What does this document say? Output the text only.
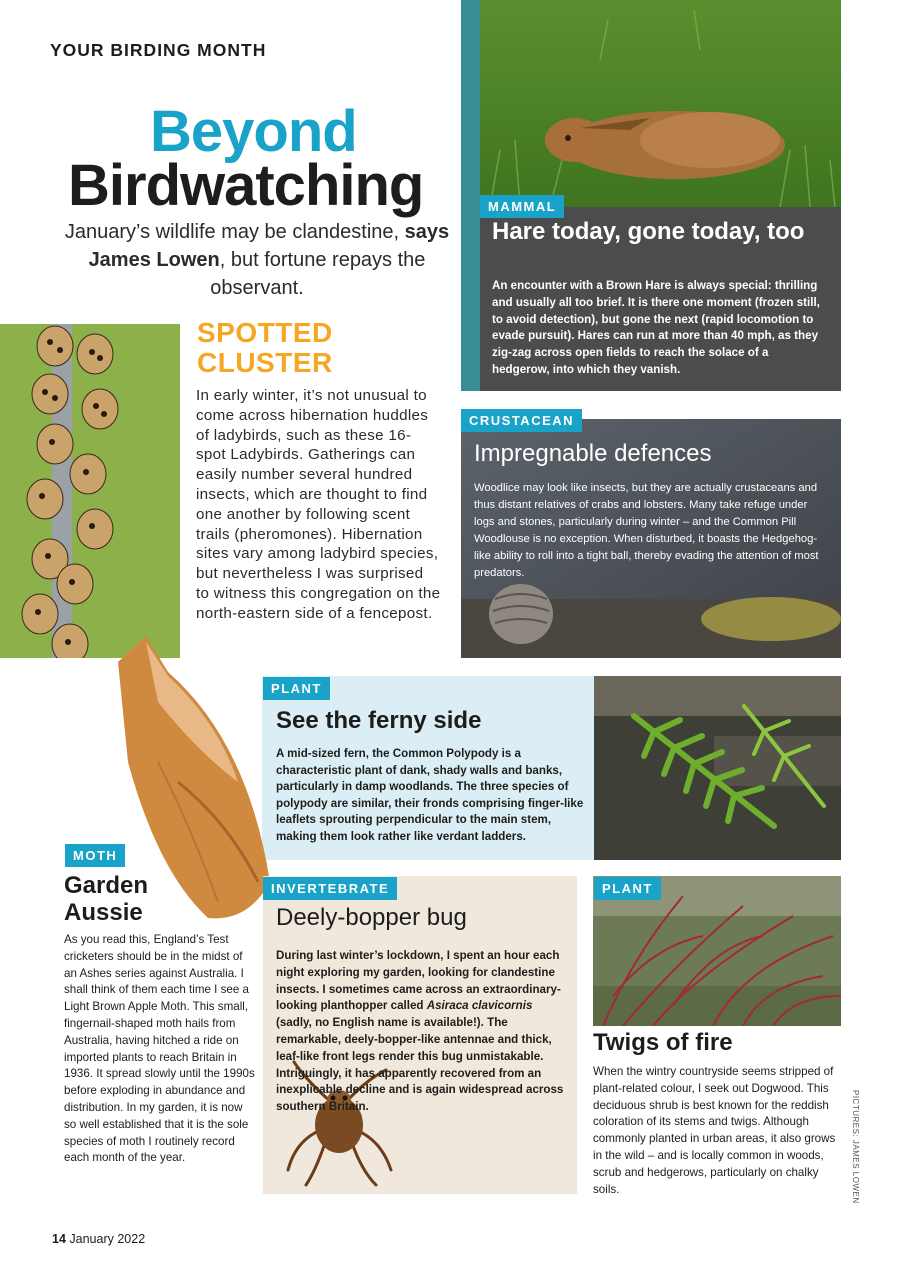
YOUR BIRDING MONTH
Beyond
Birdwatching
January’s wildlife may be clandestine, says James Lowen, but fortune repays the observant.
MAMMAL
Hare today, gone today, too
An encounter with a Brown Hare is always special: thrilling and usually all too brief. It is there one moment (frozen still, to avoid detection), but gone the next (rapid locomotion to evade pursuit). Hares can run at more than 40 mph, as they zig-zag across open fields to reach the solace of a hedgerow, into which they vanish.
SPOTTED CLUSTER
In early winter, it’s not unusual to come across hibernation huddles of ladybirds, such as these 16-spot Ladybirds. Gatherings can easily number several hundred insects, which are thought to find one another by following scent trails (pheromones). Hibernation sites vary among ladybird species, but nevertheless I was surprised to witness this congregation on the north-eastern side of a fencepost.
CRUSTACEAN
Impregnable defences
Woodlice may look like insects, but they are actually crustaceans and thus distant relatives of crabs and lobsters. Many take refuge under logs and stones, particularly during winter – and the Common Pill Woodlouse is no exception. When disturbed, it boasts the Hedgehog-like ability to roll into a tight ball, thereby evading the attention of most predators.
PLANT
See the ferny side
A mid-sized fern, the Common Polypody is a characteristic plant of dank, shady walls and banks, particularly in damp woodlands. The three species of polypody are similar, their fronds comprising finger-like leaflets sprouting perpendicular to the main stem, making them look rather like verdant ladders.
MOTH
Garden Aussie
As you read this, England’s Test cricketers should be in the midst of an Ashes series against Australia. I shall think of them each time I see a Light Brown Apple Moth. This small, fingernail-shaped moth hails from Australia, having hitched a ride on imported plants to reach Britain in 1936. It spread slowly until the 1990s before exploding in abundance and distribution. In my garden, it is now so well established that it is the sole species of moth I routinely record each month of the year.
INVERTEBRATE
Deely-bopper bug
During last winter’s lockdown, I spent an hour each night exploring my garden, looking for clandestine insects. I sometimes came across an extraordinary-looking planthopper called Asiraca clavicornis (sadly, no English name is available!). The remarkable, deely-bopper-like antennae and thick, leaf-like front legs render this bug unmistakable. Intriguingly, it has apparently recovered from an inexplicable decline and is again widespread across southern Britain.
PLANT
Twigs of fire
When the wintry countryside seems stripped of plant-related colour, I seek out Dogwood. This deciduous shrub is best known for the reddish coloration of its stems and twigs. Although commonly planted in urban areas, it also grows in the wild – and is locally common in woods, scrub and hedgerows, particularly on chalky soils.	PICTURES: JAMES LOWEN
14 January 2022
